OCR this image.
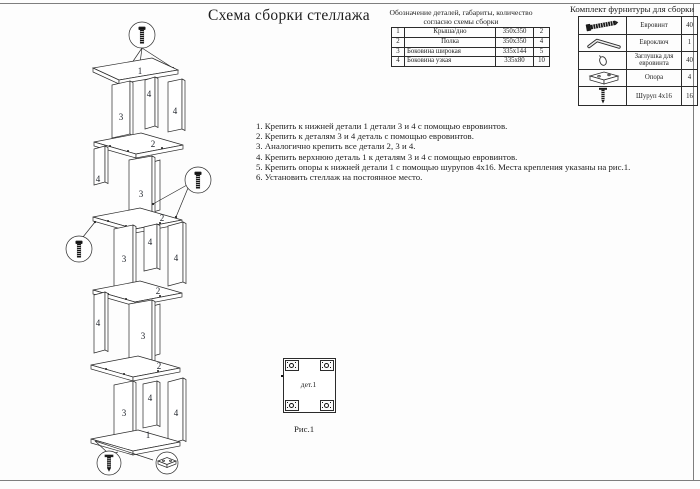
Схема сборки стеллажа	Обозначение деталей, габариты, количество
согласно схемы сборки
1	Крыша/дно	350х350	2
2	Полка	350х350	4
3	Боковина широкая	335х144	5
4	Боковина узкая	335х80	10
Комплект фурнитуры для сборки
	Евровинт	40

	Евроключ	1

	Заглушка для евровинта	40

	Опора	4

	Шуруп 4х16	16
1. Крепить к нижней детали 1 детали 3 и 4 с помощью евровинтов.
2. Крепить к деталям 3 и 4 деталь с помощью евровинтов.
3. Аналогично крепить все детали 2, 3 и 4.
4. Крепить верхнюю деталь 1 к деталям 3 и 4 с помощью евровинтов.
5. Крепить опоры к нижней детали 1 с помощью шурупов 4х16. Места крепления указаны на рис.1.
6. Установить стеллаж на постоянное место.
дет.1
Рис.1
1
4
4
3
2
4
3
2
4
4
3
2
4
3
2
4
4
3
1
